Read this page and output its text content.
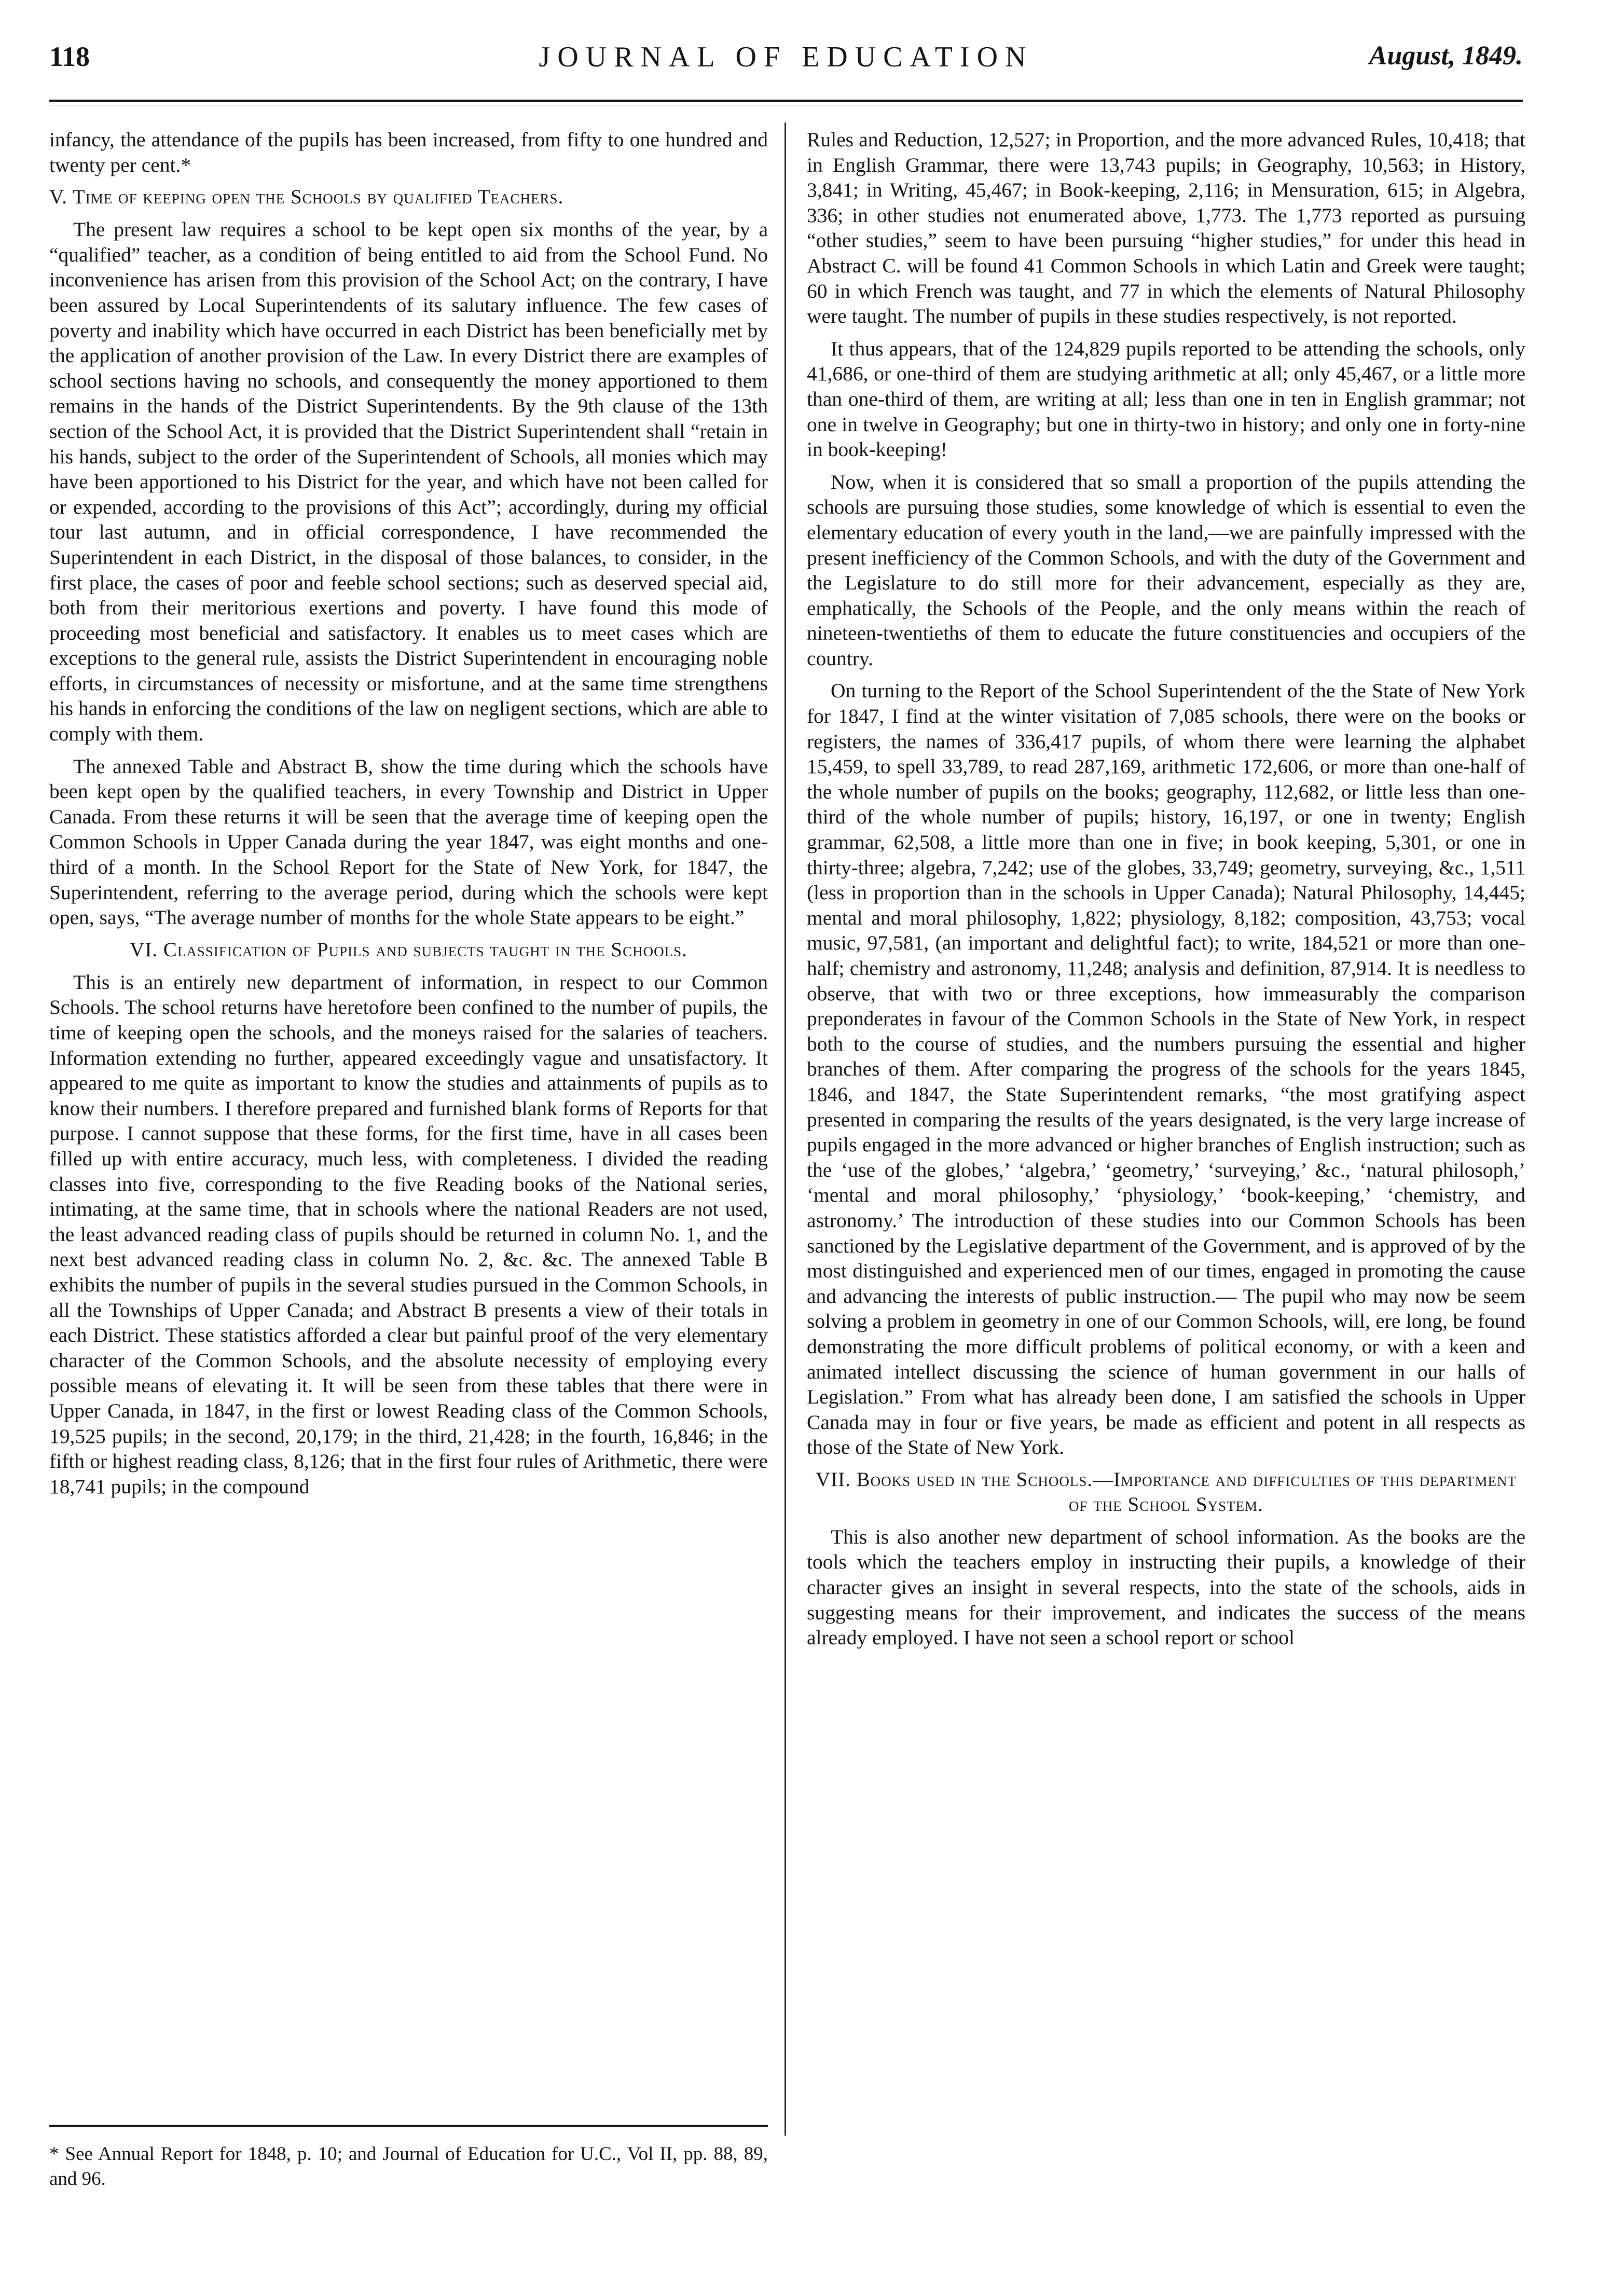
118	JOURNAL OF EDUCATION	August, 1849.

infancy, the attendance of the pupils has been increased, from fifty to one hundred and twenty per cent.*

V. Time of keeping open the Schools by qualified Teachers.

The present law requires a school to be kept open six months of the year, by a “qualified” teacher, as a condition of being entitled to aid from the School Fund. No inconvenience has arisen from this provision of the School Act; on the contrary, I have been assured by Local Superintendents of its salutary influence. The few cases of poverty and inability which have occurred in each District has been beneficially met by the application of another provision of the Law. In every District there are examples of school sections having no schools, and consequently the money apportioned to them remains in the hands of the District Superintendents. By the 9th clause of the 13th section of the School Act, it is provided that the District Superintendent shall “retain in his hands, subject to the order of the Superintendent of Schools, all monies which may have been apportioned to his District for the year, and which have not been called for or expended, according to the provisions of this Act”; accordingly, during my official tour last autumn, and in official correspondence, I have recommended the Superintendent in each District, in the disposal of those balances, to consider, in the first place, the cases of poor and feeble school sections; such as deserved special aid, both from their meritorious exertions and poverty. I have found this mode of proceeding most beneficial and satisfactory. It enables us to meet cases which are exceptions to the general rule, assists the District Superintendent in encouraging noble efforts, in circumstances of necessity or misfortune, and at the same time strengthens his hands in enforcing the conditions of the law on negligent sections, which are able to comply with them.

The annexed Table and Abstract B, show the time during which the schools have been kept open by the qualified teachers, in every Township and District in Upper Canada. From these returns it will be seen that the average time of keeping open the Common Schools in Upper Canada during the year 1847, was eight months and one-third of a month. In the School Report for the State of New York, for 1847, the Superintendent, referring to the average period, during which the schools were kept open, says, “The average number of months for the whole State appears to be eight.”

VI. Classification of Pupils and subjects taught in the Schools.

This is an entirely new department of information, in respect to our Common Schools. The school returns have heretofore been confined to the number of pupils, the time of keeping open the schools, and the moneys raised for the salaries of teachers. Information extending no further, appeared exceedingly vague and unsatisfactory. It appeared to me quite as important to know the studies and attainments of pupils as to know their numbers. I therefore prepared and furnished blank forms of Reports for that purpose. I cannot suppose that these forms, for the first time, have in all cases been filled up with entire accuracy, much less, with completeness. I divided the reading classes into five, corresponding to the five Reading books of the National series, intimating, at the same time, that in schools where the national Readers are not used, the least advanced reading class of pupils should be returned in column No. 1, and the next best advanced reading class in column No. 2, &c. &c. The annexed Table B exhibits the number of pupils in the several studies pursued in the Common Schools, in all the Townships of Upper Canada; and Abstract B presents a view of their totals in each District. These statistics afforded a clear but painful proof of the very elementary character of the Common Schools, and the absolute necessity of employing every possible means of elevating it. It will be seen from these tables that there were in Upper Canada, in 1847, in the first or lowest Reading class of the Common Schools, 19,525 pupils; in the second, 20,179; in the third, 21,428; in the fourth, 16,846; in the fifth or highest reading class, 8,126; that in the first four rules of Arithmetic, there were 18,741 pupils; in the compound

Rules and Reduction, 12,527; in Proportion, and the more advanced Rules, 10,418; that in English Grammar, there were 13,743 pupils; in Geography, 10,563; in History, 3,841; in Writing, 45,467; in Book-keeping, 2,116; in Mensuration, 615; in Algebra, 336; in other studies not enumerated above, 1,773. The 1,773 reported as pursuing “other studies,” seem to have been pursuing “higher studies,” for under this head in Abstract C. will be found 41 Common Schools in which Latin and Greek were taught; 60 in which French was taught, and 77 in which the elements of Natural Philosophy were taught. The number of pupils in these studies respectively, is not reported.

It thus appears, that of the 124,829 pupils reported to be attending the schools, only 41,686, or one-third of them are studying arithmetic at all; only 45,467, or a little more than one-third of them, are writing at all; less than one in ten in English grammar; not one in twelve in Geography; but one in thirty-two in history; and only one in forty-nine in book-keeping!

Now, when it is considered that so small a proportion of the pupils attending the schools are pursuing those studies, some knowledge of which is essential to even the elementary education of every youth in the land,—we are painfully impressed with the present inefficiency of the Common Schools, and with the duty of the Government and the Legislature to do still more for their advancement, especially as they are, emphatically, the Schools of the People, and the only means within the reach of nineteen-twentieths of them to educate the future constituencies and occupiers of the country.

On turning to the Report of the School Superintendent of the the State of New York for 1847, I find at the winter visitation of 7,085 schools, there were on the books or registers, the names of 336,417 pupils, of whom there were learning the alphabet 15,459, to spell 33,789, to read 287,169, arithmetic 172,606, or more than one-half of the whole number of pupils on the books; geography, 112,682, or little less than one-third of the whole number of pupils; history, 16,197, or one in twenty; English grammar, 62,508, a little more than one in five; in book keeping, 5,301, or one in thirty-three; algebra, 7,242; use of the globes, 33,749; geometry, surveying, &c., 1,511 (less in proportion than in the schools in Upper Canada); Natural Philosophy, 14,445; mental and moral philosophy, 1,822; physiology, 8,182; composition, 43,753; vocal music, 97,581, (an important and delightful fact); to write, 184,521 or more than one-half; chemistry and astronomy, 11,248; analysis and definition, 87,914. It is needless to observe, that with two or three exceptions, how immeasurably the comparison preponderates in favour of the Common Schools in the State of New York, in respect both to the course of studies, and the numbers pursuing the essential and higher branches of them. After comparing the progress of the schools for the years 1845, 1846, and 1847, the State Superintendent remarks, “the most gratifying aspect presented in comparing the results of the years designated, is the very large increase of pupils engaged in the more advanced or higher branches of English instruction; such as the ‘use of the globes,’ ‘algebra,’ ‘geometry,’ ‘surveying,’ &c., ‘natural philosoph,’ ‘mental and moral philosophy,’ ‘physiology,’ ‘book-keeping,’ ‘chemistry, and astronomy.’ The introduction of these studies into our Common Schools has been sanctioned by the Legislative department of the Government, and is approved of by the most distinguished and experienced men of our times, engaged in promoting the cause and advancing the interests of public instruction.— The pupil who may now be seem solving a problem in geometry in one of our Common Schools, will, ere long, be found demonstrating the more difficult problems of political economy, or with a keen and animated intellect discussing the science of human government in our halls of Legislation.” From what has already been done, I am satisfied the schools in Upper Canada may in four or five years, be made as efficient and potent in all respects as those of the State of New York.

VII. Books used in the Schools.—Importance and difficulties of this department of the School System.

This is also another new department of school information. As the books are the tools which the teachers employ in instructing their pupils, a knowledge of their character gives an insight in several respects, into the state of the schools, aids in suggesting means for their improvement, and indicates the success of the means already employed. I have not seen a school report or school

* See Annual Report for 1848, p. 10; and Journal of Education for U.C., Vol II, pp. 88, 89, and 96.
